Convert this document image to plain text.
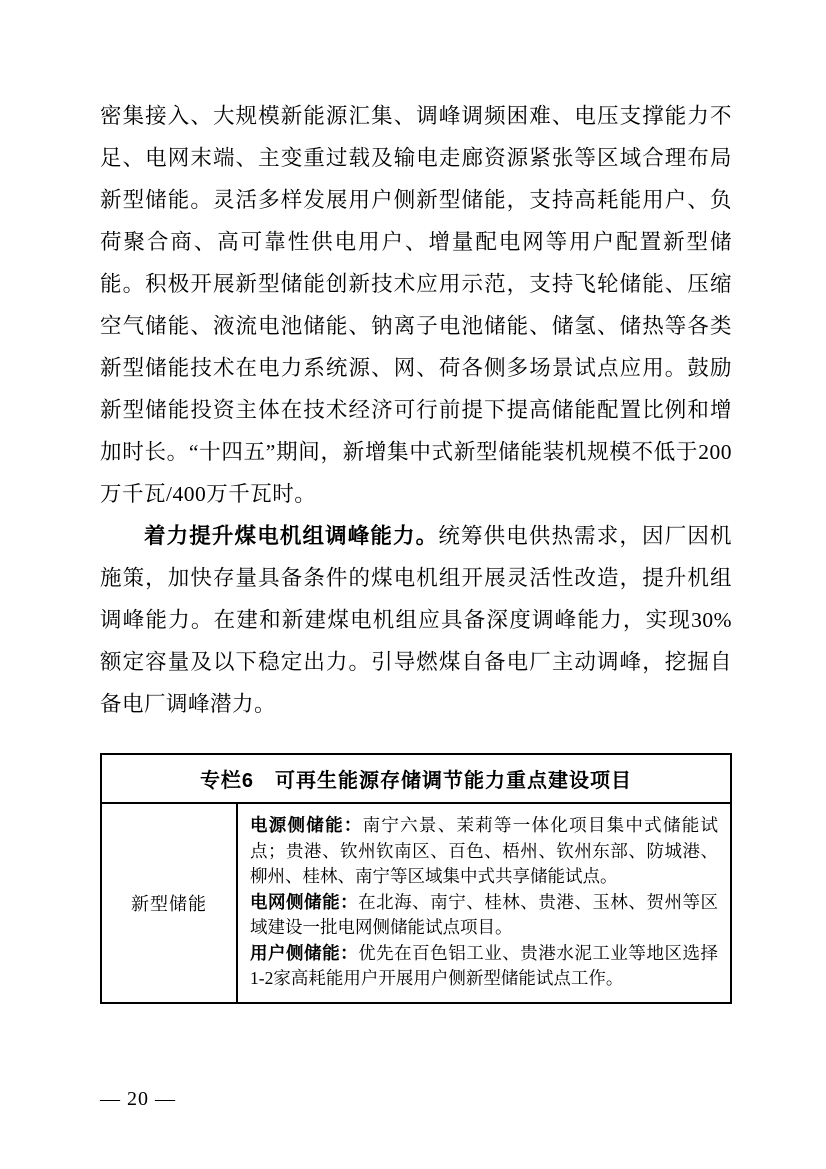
密集接入、大规模新能源汇集、调峰调频困难、电压支撑能力不足、电网末端、主变重过载及输电走廊资源紧张等区域合理布局新型储能。灵活多样发展用户侧新型储能，支持高耗能用户、负荷聚合商、高可靠性供电用户、增量配电网等用户配置新型储能。积极开展新型储能创新技术应用示范，支持飞轮储能、压缩空气储能、液流电池储能、钠离子电池储能、储氢、储热等各类新型储能技术在电力系统源、网、荷各侧多场景试点应用。鼓励新型储能投资主体在技术经济可行前提下提高储能配置比例和增加时长。“十四五”期间，新增集中式新型储能装机规模不低于200万千瓦/400万千瓦时。

着力提升煤电机组调峰能力。统筹供电供热需求，因厂因机施策，加快存量具备条件的煤电机组开展灵活性改造，提升机组调峰能力。在建和新建煤电机组应具备深度调峰能力，实现30%额定容量及以下稳定出力。引导燃煤自备电厂主动调峰，挖掘自备电厂调峰潜力。

专栏6　可再生能源存储调节能力重点建设项目
新型储能
电源侧储能：南宁六景、茉莉等一体化项目集中式储能试点；贵港、钦州钦南区、百色、梧州、钦州东部、防城港、柳州、桂林、南宁等区域集中式共享储能试点。
电网侧储能：在北海、南宁、桂林、贵港、玉林、贺州等区域建设一批电网侧储能试点项目。
用户侧储能：优先在百色铝工业、贵港水泥工业等地区选择1-2家高耗能用户开展用户侧新型储能试点工作。
— 20 —
